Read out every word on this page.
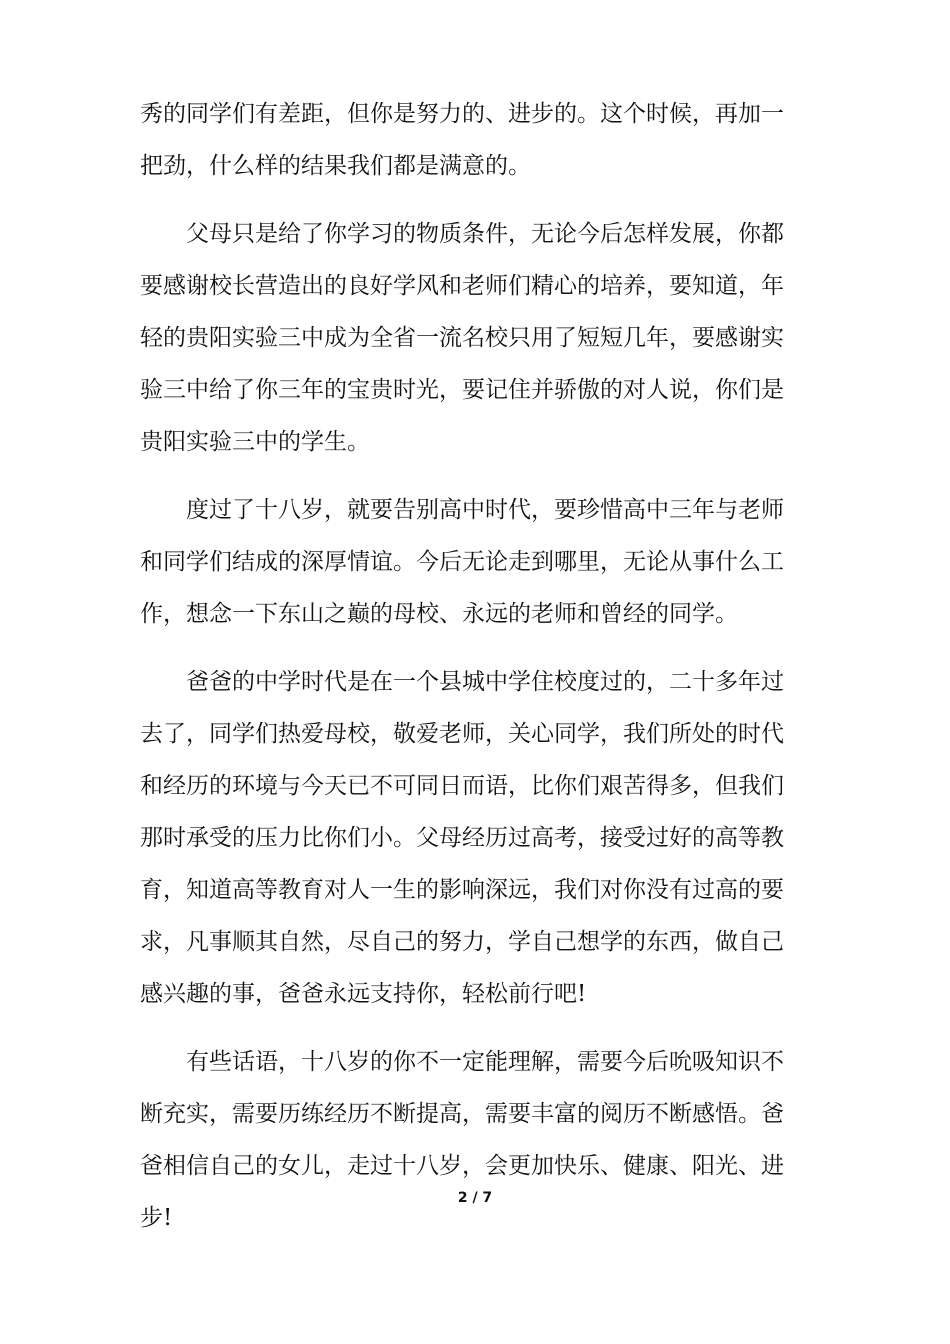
秀的同学们有差距，但你是努力的、进步的。这个时候，再加一
把劲，什么样的结果我们都是满意的。
　　父母只是给了你学习的物质条件，无论今后怎样发展，你都
要感谢校长营造出的良好学风和老师们精心的培养，要知道，年
轻的贵阳实验三中成为全省一流名校只用了短短几年，要感谢实
验三中给了你三年的宝贵时光，要记住并骄傲的对人说，你们是
贵阳实验三中的学生。
　　度过了十八岁，就要告别高中时代，要珍惜高中三年与老师
和同学们结成的深厚情谊。今后无论走到哪里，无论从事什么工
作，想念一下东山之巅的母校、永远的老师和曾经的同学。
　　爸爸的中学时代是在一个县城中学住校度过的，二十多年过
去了，同学们热爱母校，敬爱老师，关心同学，我们所处的时代
和经历的环境与今天已不可同日而语，比你们艰苦得多，但我们
那时承受的压力比你们小。父母经历过高考，接受过好的高等教
育，知道高等教育对人一生的影响深远，我们对你没有过高的要
求，凡事顺其自然，尽自己的努力，学自己想学的东西，做自己
感兴趣的事，爸爸永远支持你，轻松前行吧!
　　有些话语，十八岁的你不一定能理解，需要今后吮吸知识不
断充实，需要历练经历不断提高，需要丰富的阅历不断感悟。爸
爸相信自己的女儿，走过十八岁，会更加快乐、健康、阳光、进
步!
2 / 7
